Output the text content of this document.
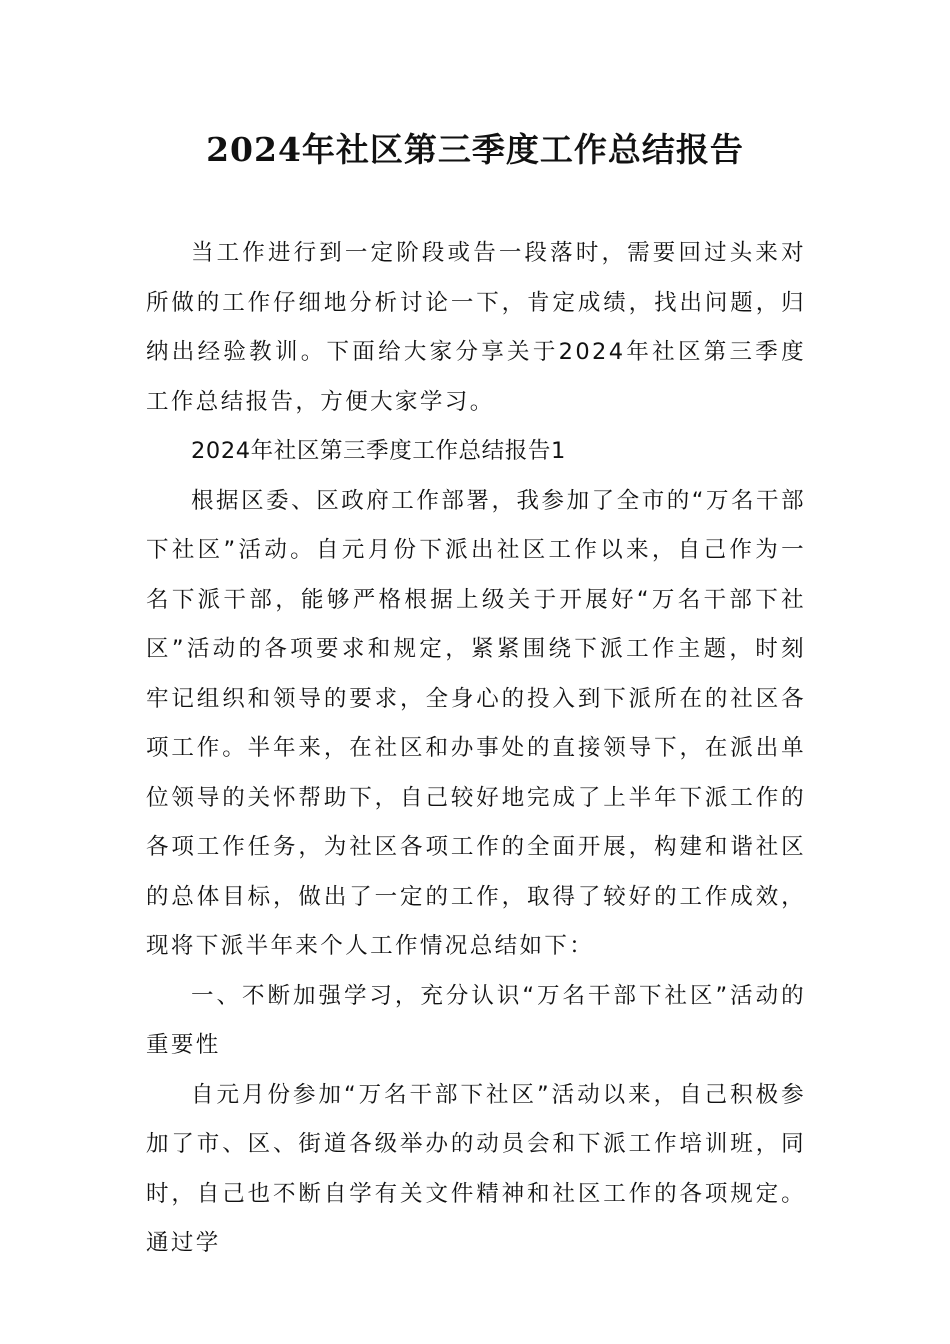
2024年社区第三季度工作总结报告

当工作进行到一定阶段或告一段落时，需要回过头来对所做的工作仔细地分析讨论一下，肯定成绩，找出问题，归纳出经验教训。下面给大家分享关于2024年社区第三季度工作总结报告，方便大家学习。

2024年社区第三季度工作总结报告1

根据区委、区政府工作部署，我参加了全市的“万名干部下社区”活动。自元月份下派出社区工作以来，自己作为一名下派干部，能够严格根据上级关于开展好“万名干部下社区”活动的各项要求和规定，紧紧围绕下派工作主题，时刻牢记组织和领导的要求，全身心的投入到下派所在的社区各项工作。半年来，在社区和办事处的直接领导下，在派出单位领导的关怀帮助下，自己较好地完成了上半年下派工作的各项工作任务，为社区各项工作的全面开展，构建和谐社区的总体目标，做出了一定的工作，取得了较好的工作成效，现将下派半年来个人工作情况总结如下：

一、不断加强学习，充分认识“万名干部下社区”活动的重要性

自元月份参加“万名干部下社区”活动以来，自己积极参加了市、区、街道各级举办的动员会和下派工作培训班，同时，自己也不断自学有关文件精神和社区工作的各项规定。通过学
